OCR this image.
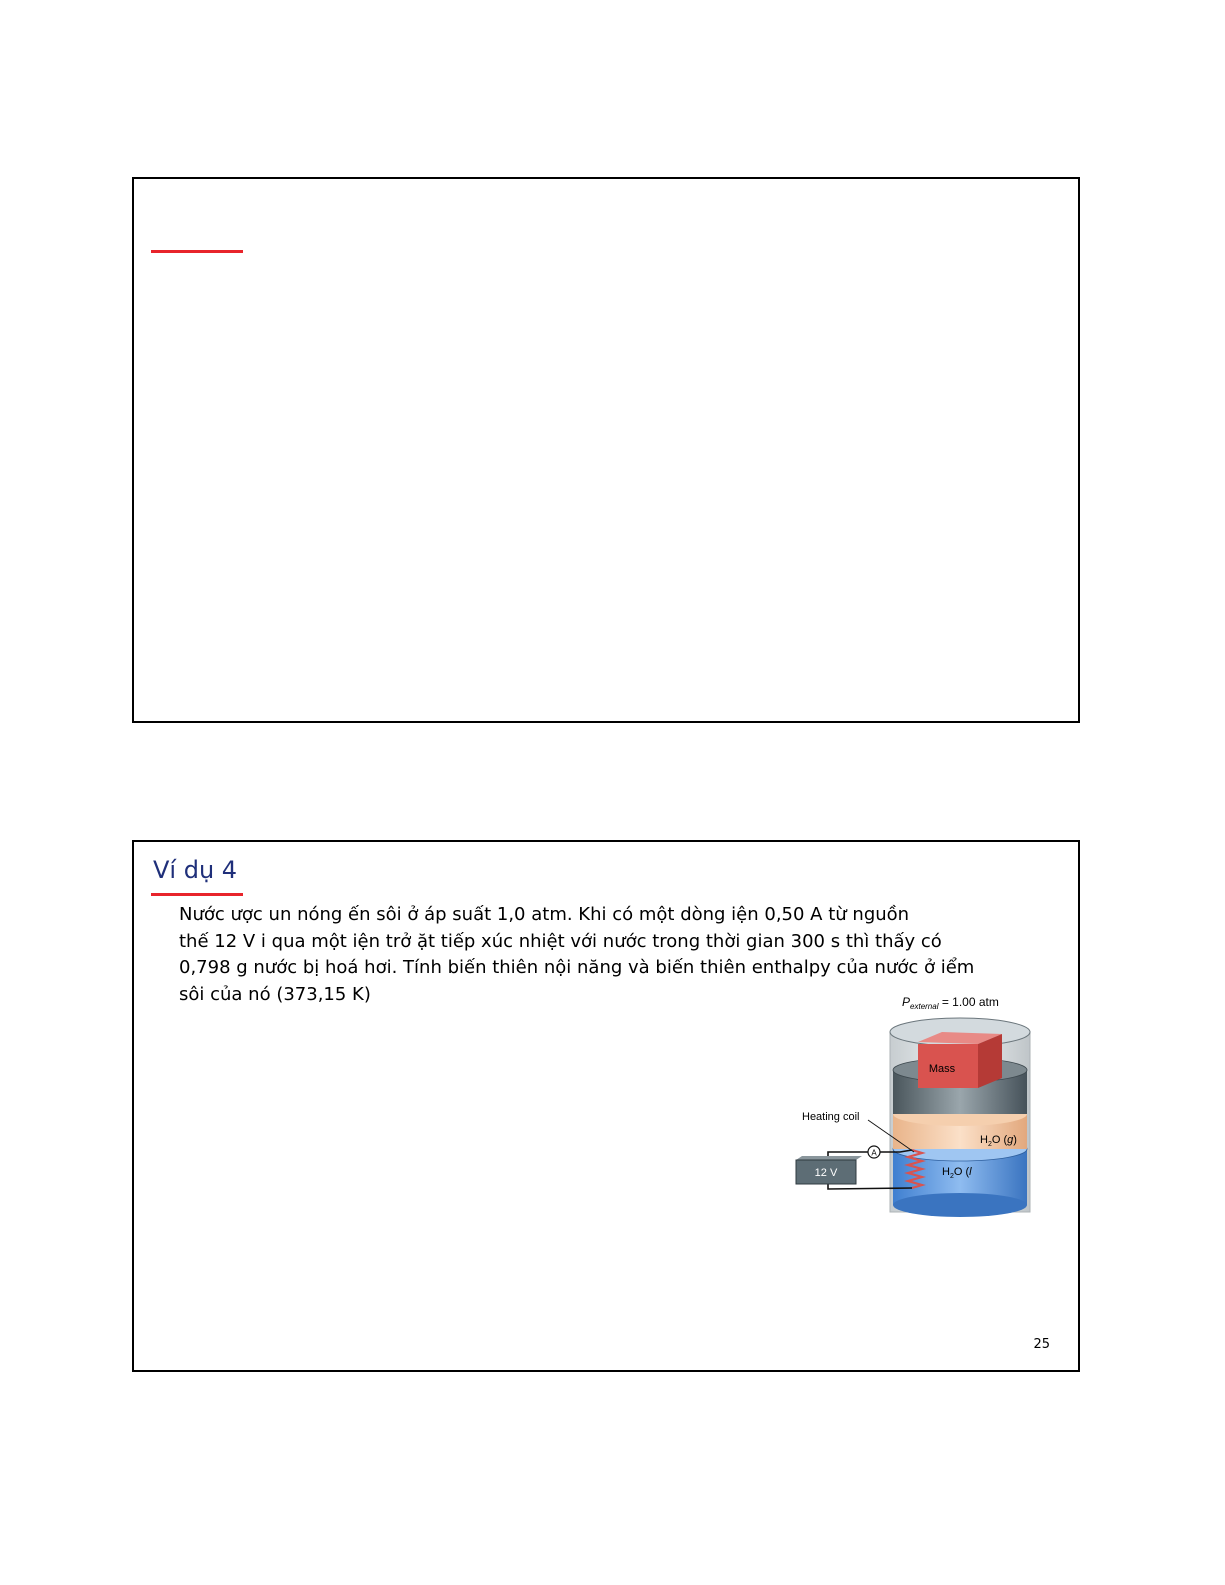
Ví dụ 4

Nước ược un nóng ến sôi ở áp suất 1,0 atm. Khi có một dòng iện 0,50 A từ nguồn
thế 12 V i qua một iện trở ặt tiếp xúc nhiệt với nước trong thời gian 300 s thì thấy có
0,798 g nước bị hoá hơi. Tính biến thiên nội năng và biến thiên enthalpy của nước ở iểm
sôi của nó (373,15 K)	$P_{external} = 1.00$ atm
Mass
A
12 V
Heating coil
$H_2O$ (g)
$H_2O$ (l
25
